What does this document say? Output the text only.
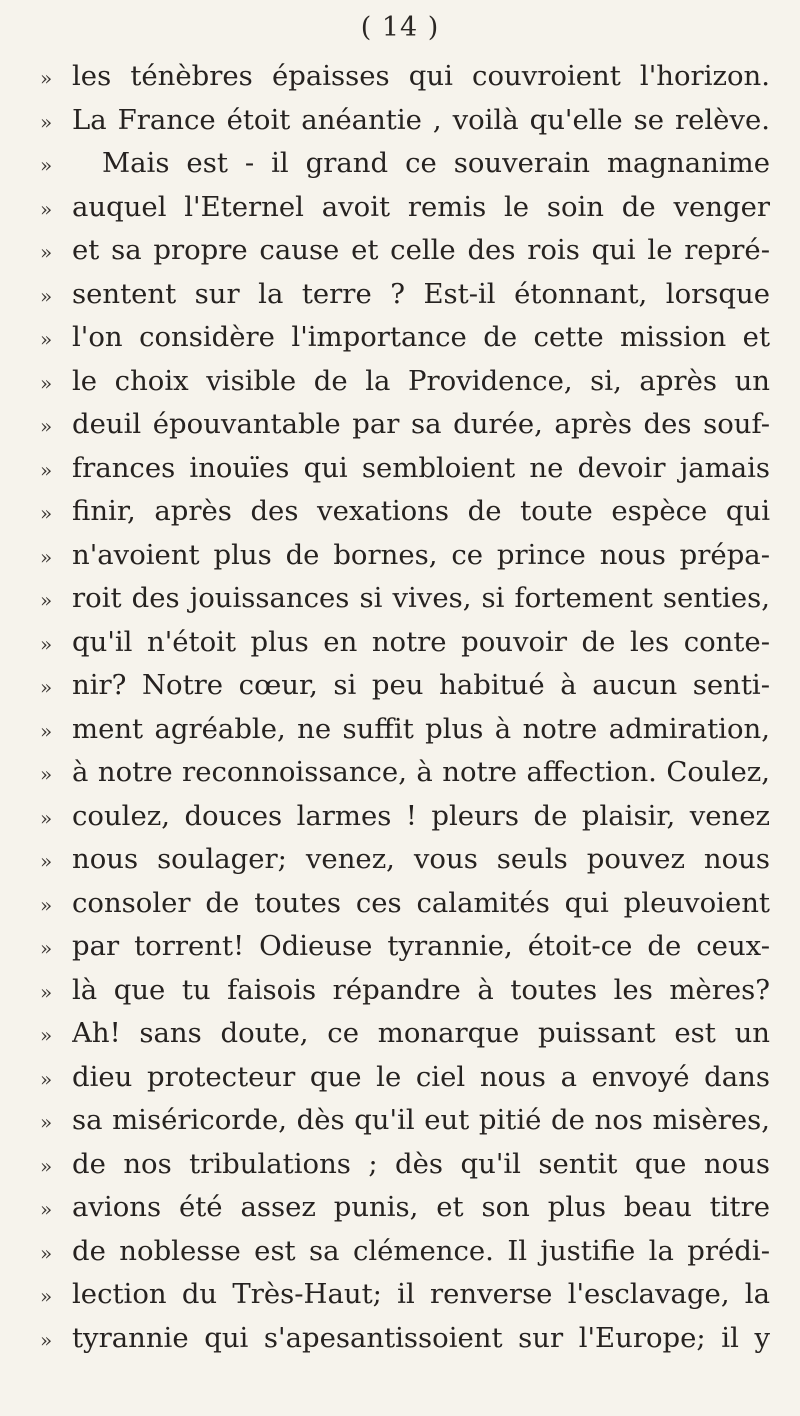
( 14 )
» les ténèbres épaisses qui couvroient l'horizon.
» La France étoit anéantie , voilà qu'elle se relève.
»	Mais est - il grand ce souverain magnanime
» auquel l'Eternel avoit remis le soin de venger
» et sa propre cause et celle des rois qui le repré-
» sentent sur la terre ? Est-il étonnant, lorsque
» l'on considère l'importance de cette mission et
» le choix visible de la Providence, si, après un
» deuil épouvantable par sa durée, après des souf-
» frances inouïes qui sembloient ne devoir jamais
» finir, après des vexations de toute espèce qui
» n'avoient plus de bornes, ce prince nous prépa-
» roit des jouissances si vives, si fortement senties,
» qu'il n'étoit plus en notre pouvoir de les conte-
» nir? Notre cœur, si peu habitué à aucun senti-
» ment agréable, ne suffit plus à notre admiration,
» à notre reconnoissance, à notre affection. Coulez,
» coulez, douces larmes ! pleurs de plaisir, venez
» nous soulager; venez, vous seuls pouvez nous
» consoler de toutes ces calamités qui pleuvoient
» par torrent! Odieuse tyrannie, étoit-ce de ceux-
» là que tu faisois répandre à toutes les mères?
» Ah! sans doute, ce monarque puissant est un
» dieu protecteur que le ciel nous a envoyé dans
» sa miséricorde, dès qu'il eut pitié de nos misères,
» de nos tribulations ; dès qu'il sentit que nous
» avions été assez punis, et son plus beau titre
» de noblesse est sa clémence. Il justifie la prédi-
» lection du Très-Haut; il renverse l'esclavage, la
» tyrannie qui s'apesantissoient sur l'Europe; il y
